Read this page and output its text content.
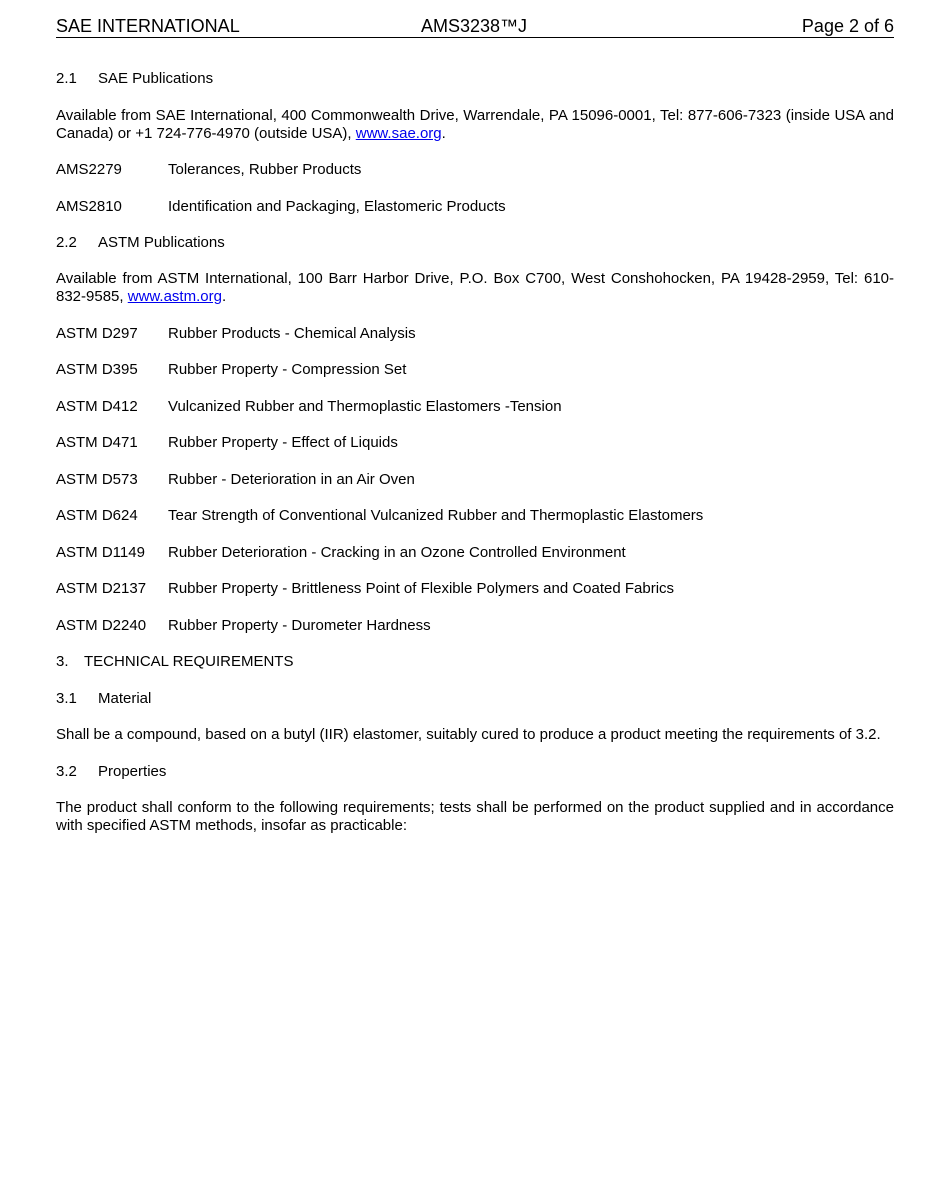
SAE INTERNATIONAL	AMS3238™J	Page 2 of 6
2.1 SAE Publications
Available from SAE International, 400 Commonwealth Drive, Warrendale, PA 15096-0001, Tel: 877-606-7323 (inside USA and Canada) or +1 724-776-4970 (outside USA), www.sae.org.
AMS2279	Tolerances, Rubber Products
AMS2810	Identification and Packaging, Elastomeric Products
2.2 ASTM Publications
Available from ASTM International, 100 Barr Harbor Drive, P.O. Box C700, West Conshohocken, PA 19428-2959, Tel: 610-832-9585, www.astm.org.
ASTM D297 Rubber Products - Chemical Analysis
ASTM D395 Rubber Property - Compression Set
ASTM D412 Vulcanized Rubber and Thermoplastic Elastomers -Tension
ASTM D471 Rubber Property - Effect of Liquids
ASTM D573 Rubber - Deterioration in an Air Oven
ASTM D624 Tear Strength of Conventional Vulcanized Rubber and Thermoplastic Elastomers
ASTM D1149 Rubber Deterioration - Cracking in an Ozone Controlled Environment
ASTM D2137 Rubber Property - Brittleness Point of Flexible Polymers and Coated Fabrics
ASTM D2240 Rubber Property - Durometer Hardness
3. TECHNICAL REQUIREMENTS
3.1 Material
Shall be a compound, based on a butyl (IIR) elastomer, suitably cured to produce a product meeting the requirements of 3.2.
3.2 Properties
The product shall conform to the following requirements; tests shall be performed on the product supplied and in accordance with specified ASTM methods, insofar as practicable:
